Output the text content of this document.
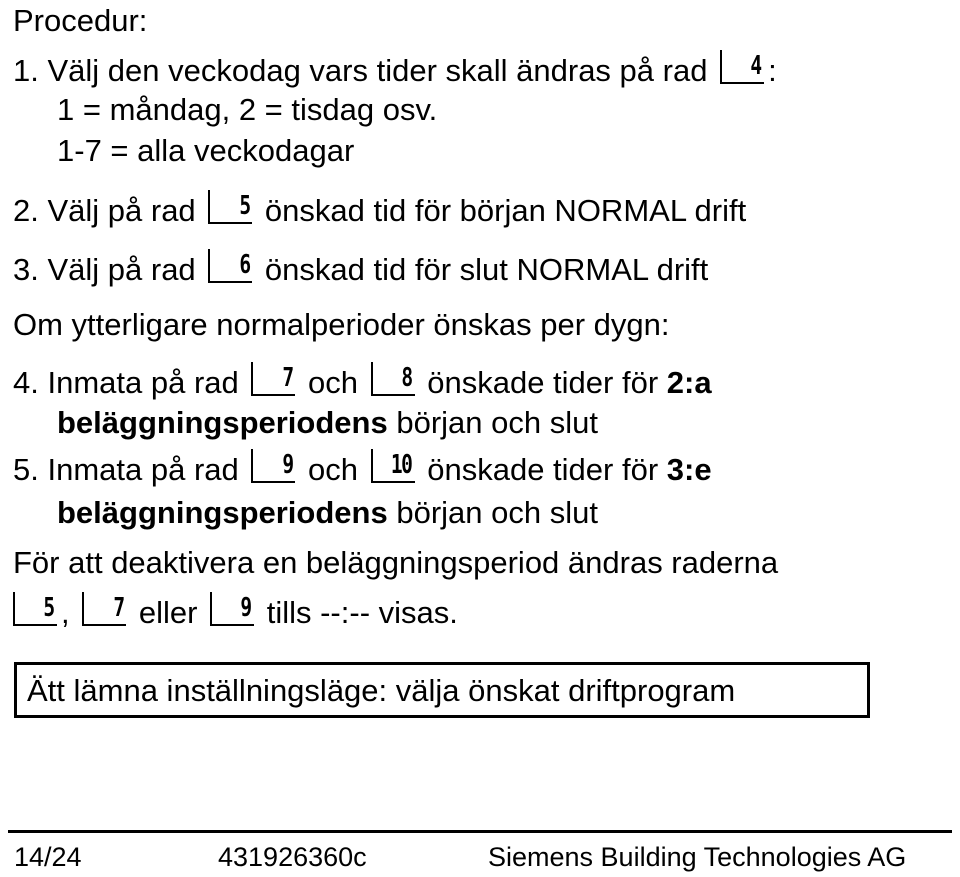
Procedur:
1. Välj den veckodag vars tider skall ändras på rad 4 :
1 = måndag, 2 = tisdag osv.
1-7 = alla veckodagar
2. Välj på rad 5 önskad tid för början NORMAL drift
3. Välj på rad 6 önskad tid för slut NORMAL drift
Om ytterligare normalperioder önskas per dygn:
4. Inmata på rad 7 och 8 önskade tider för 2:a
beläggningsperiodens början och slut
5. Inmata på rad 9 och 10 önskade tider för 3:e
beläggningsperiodens början och slut
För att deaktivera en beläggningsperiod ändras raderna
5 , 7 eller 9 tills --:-- visas.
Ätt lämna inställningsläge: välja önskat driftprogram
14/24	431926360c	Siemens Building Technologies AG
